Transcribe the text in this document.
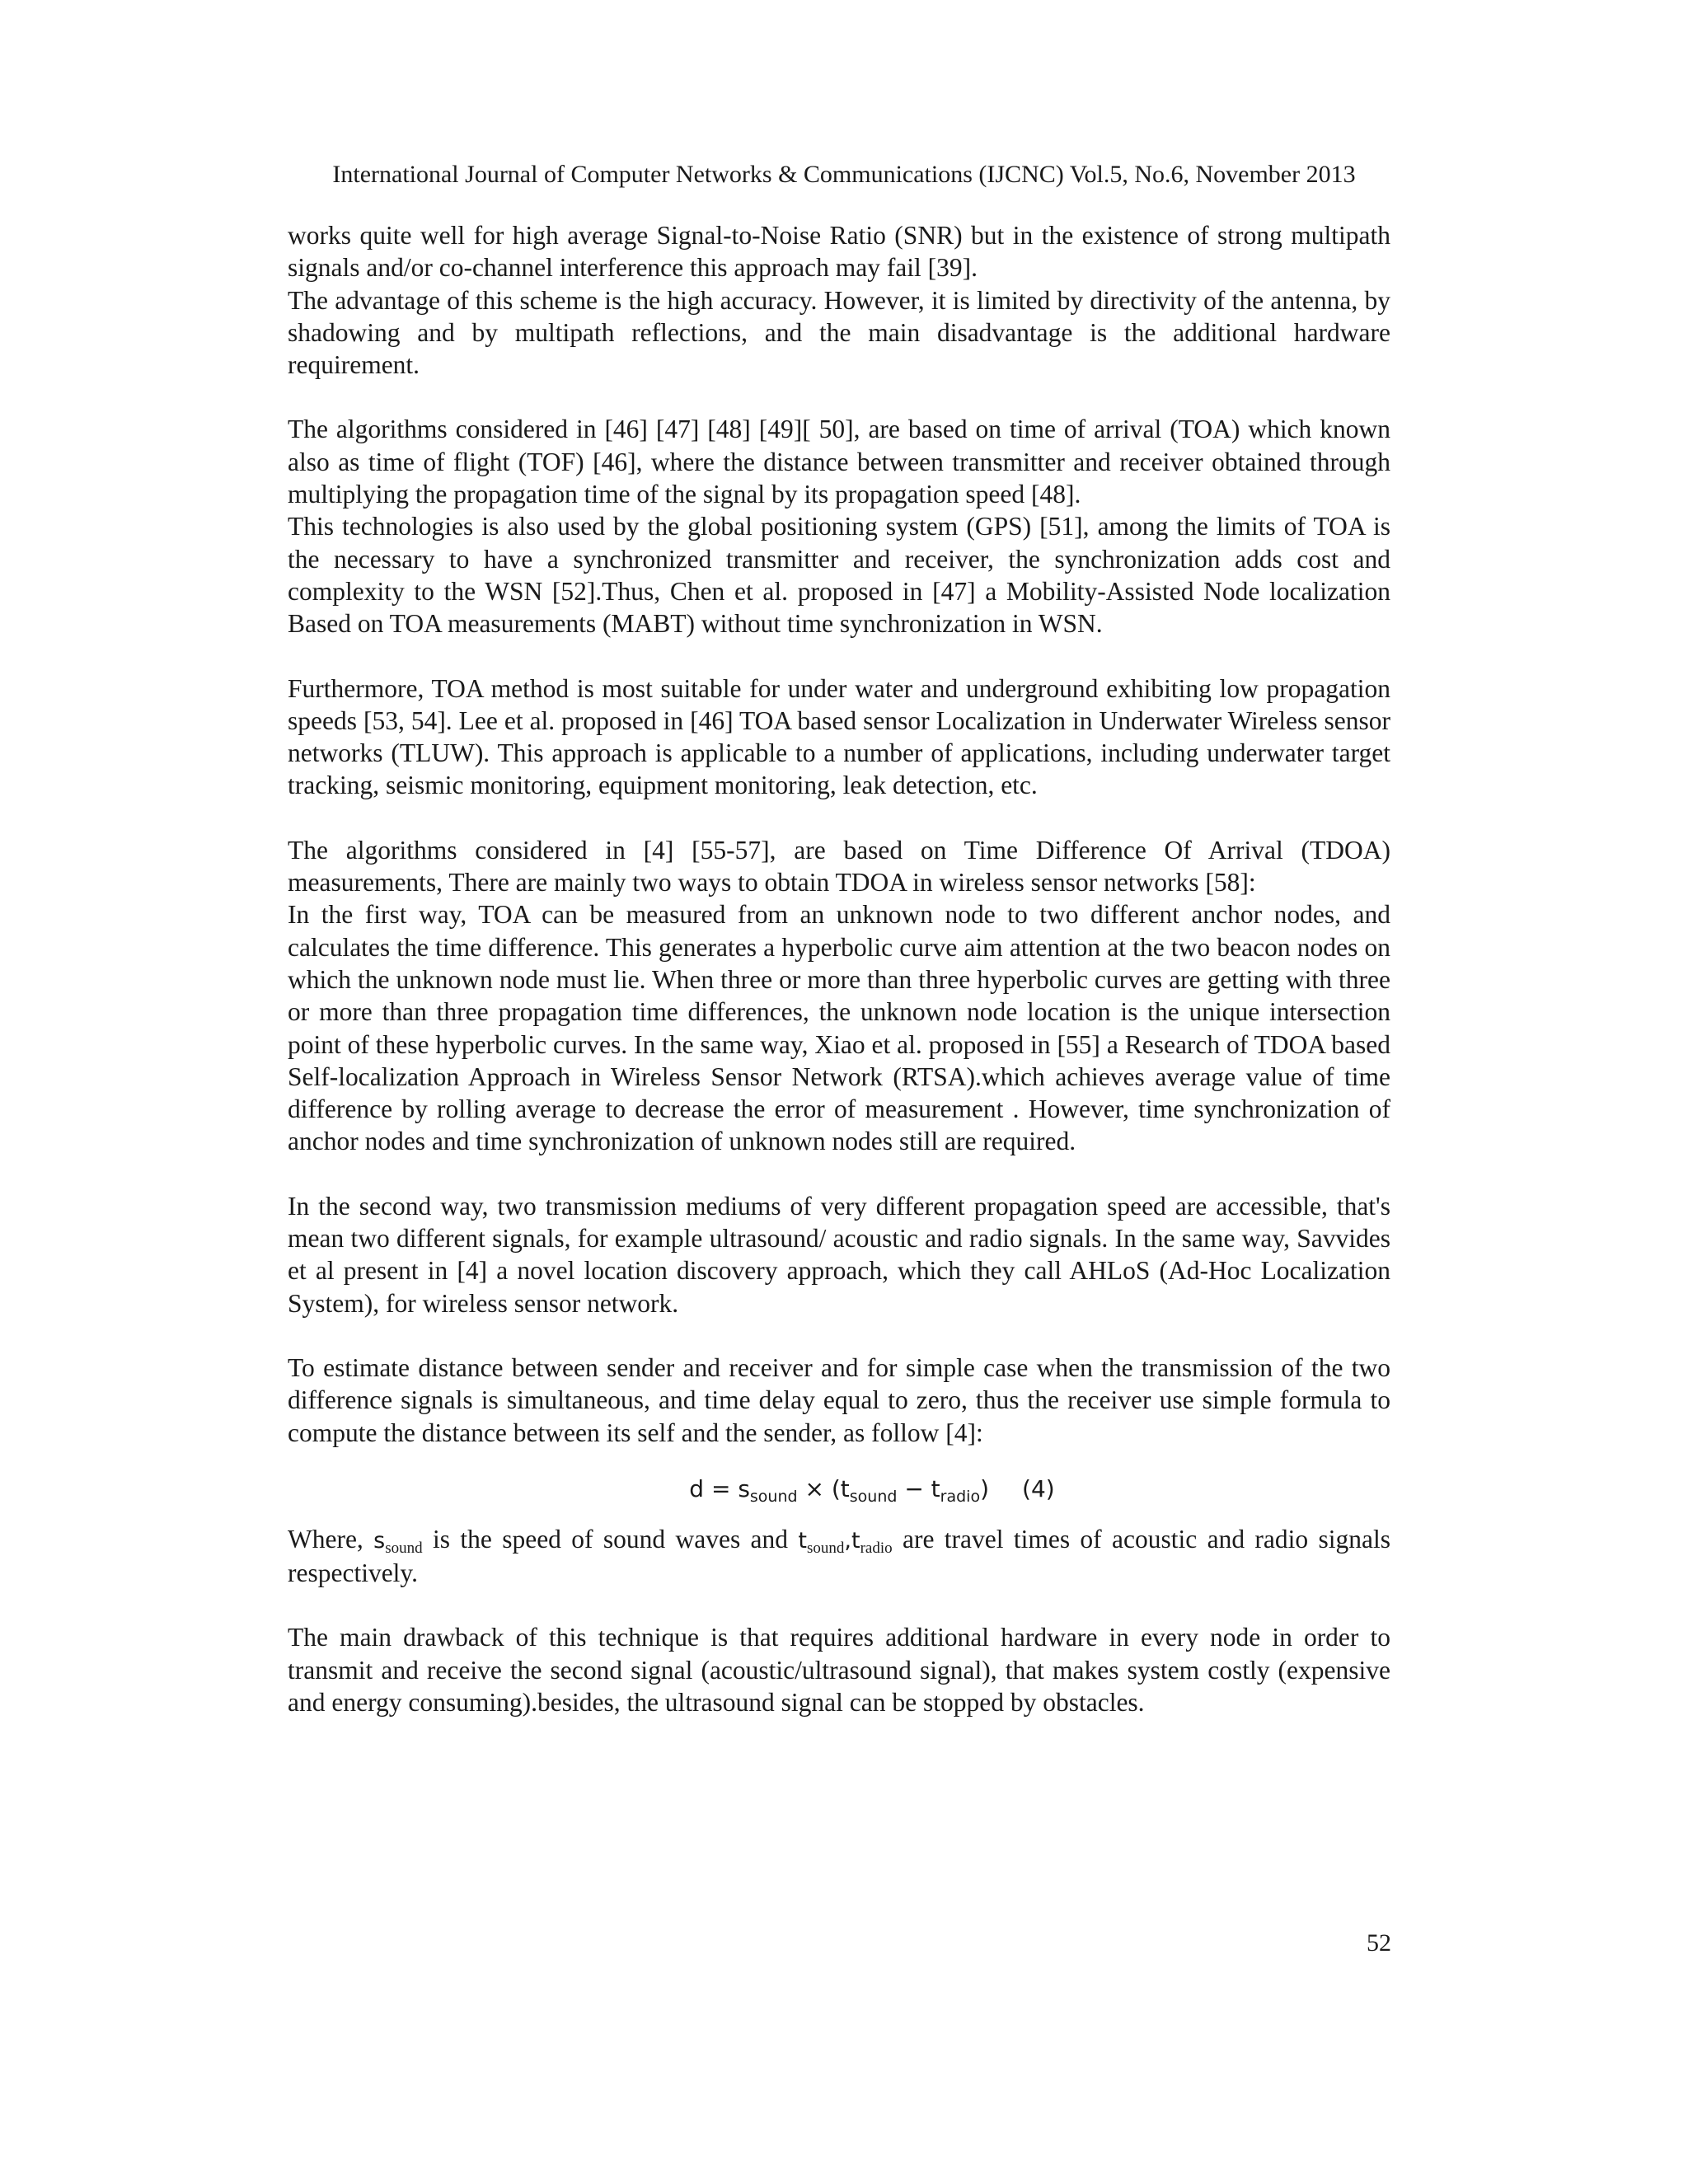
International Journal of Computer Networks & Communications (IJCNC) Vol.5, No.6, November 2013

works quite well for high average Signal-to-Noise Ratio (SNR) but in the existence of strong multipath signals and/or co-channel interference this approach may fail [39].

The advantage of this scheme is the high accuracy. However, it is limited by directivity of the antenna, by shadowing and by multipath reflections, and the main disadvantage is the additional hardware requirement.

The algorithms considered in [46] [47] [48] [49][ 50], are based on time of arrival (TOA) which known also as time of flight (TOF) [46], where the distance between transmitter and receiver obtained through multiplying the propagation time of the signal by its propagation speed [48].

This technologies is also used by the global positioning system (GPS) [51], among the limits of TOA is the necessary to have a synchronized transmitter and receiver, the synchronization adds cost and complexity to the WSN [52].Thus, Chen et al. proposed in [47] a Mobility-Assisted Node localization Based on TOA measurements (MABT) without time synchronization in WSN.

Furthermore, TOA method is most suitable for under water and underground exhibiting low propagation speeds [53, 54]. Lee et al. proposed in [46] TOA based sensor Localization in Underwater Wireless sensor networks (TLUW). This approach is applicable to a number of applications, including underwater target tracking, seismic monitoring, equipment monitoring, leak detection, etc.

The algorithms considered in [4] [55-57], are based on Time Difference Of Arrival (TDOA) measurements, There are mainly two ways to obtain TDOA in wireless sensor networks [58]:

In the first way, TOA can be measured from an unknown node to two different anchor nodes, and calculates the time difference. This generates a hyperbolic curve aim attention at the two beacon nodes on which the unknown node must lie. When three or more than three hyperbolic curves are getting with three or more than three propagation time differences, the unknown node location is the unique intersection point of these hyperbolic curves. In the same way, Xiao et al. proposed in [55] a Research of TDOA based Self-localization Approach in Wireless Sensor Network (RTSA).which achieves average value of time difference by rolling average to decrease the error of measurement . However, time synchronization of anchor nodes and time synchronization of unknown nodes still are required.

In the second way, two transmission mediums of very different propagation speed are accessible, that's mean two different signals, for example ultrasound/ acoustic and radio signals. In the same way, Savvides et al present in [4] a novel location discovery approach, which they call AHLoS (Ad-Hoc Localization System), for wireless sensor network.

To estimate distance between sender and receiver and for simple case when the transmission of the two difference signals is simultaneous, and time delay equal to zero, thus the receiver use simple formula to compute the distance between its self and the sender, as follow [4]:

$d = s_{sound} \times (t_{sound} - t_{radio})$ (4)

Where, $s_{sound}$ is the speed of sound waves and $t_{sound},t_{radio}$ are travel times of acoustic and radio signals respectively.

The main drawback of this technique is that requires additional hardware in every node in order to transmit and receive the second signal (acoustic/ultrasound signal), that makes system costly (expensive and energy consuming).besides, the ultrasound signal can be stopped by obstacles.

52
